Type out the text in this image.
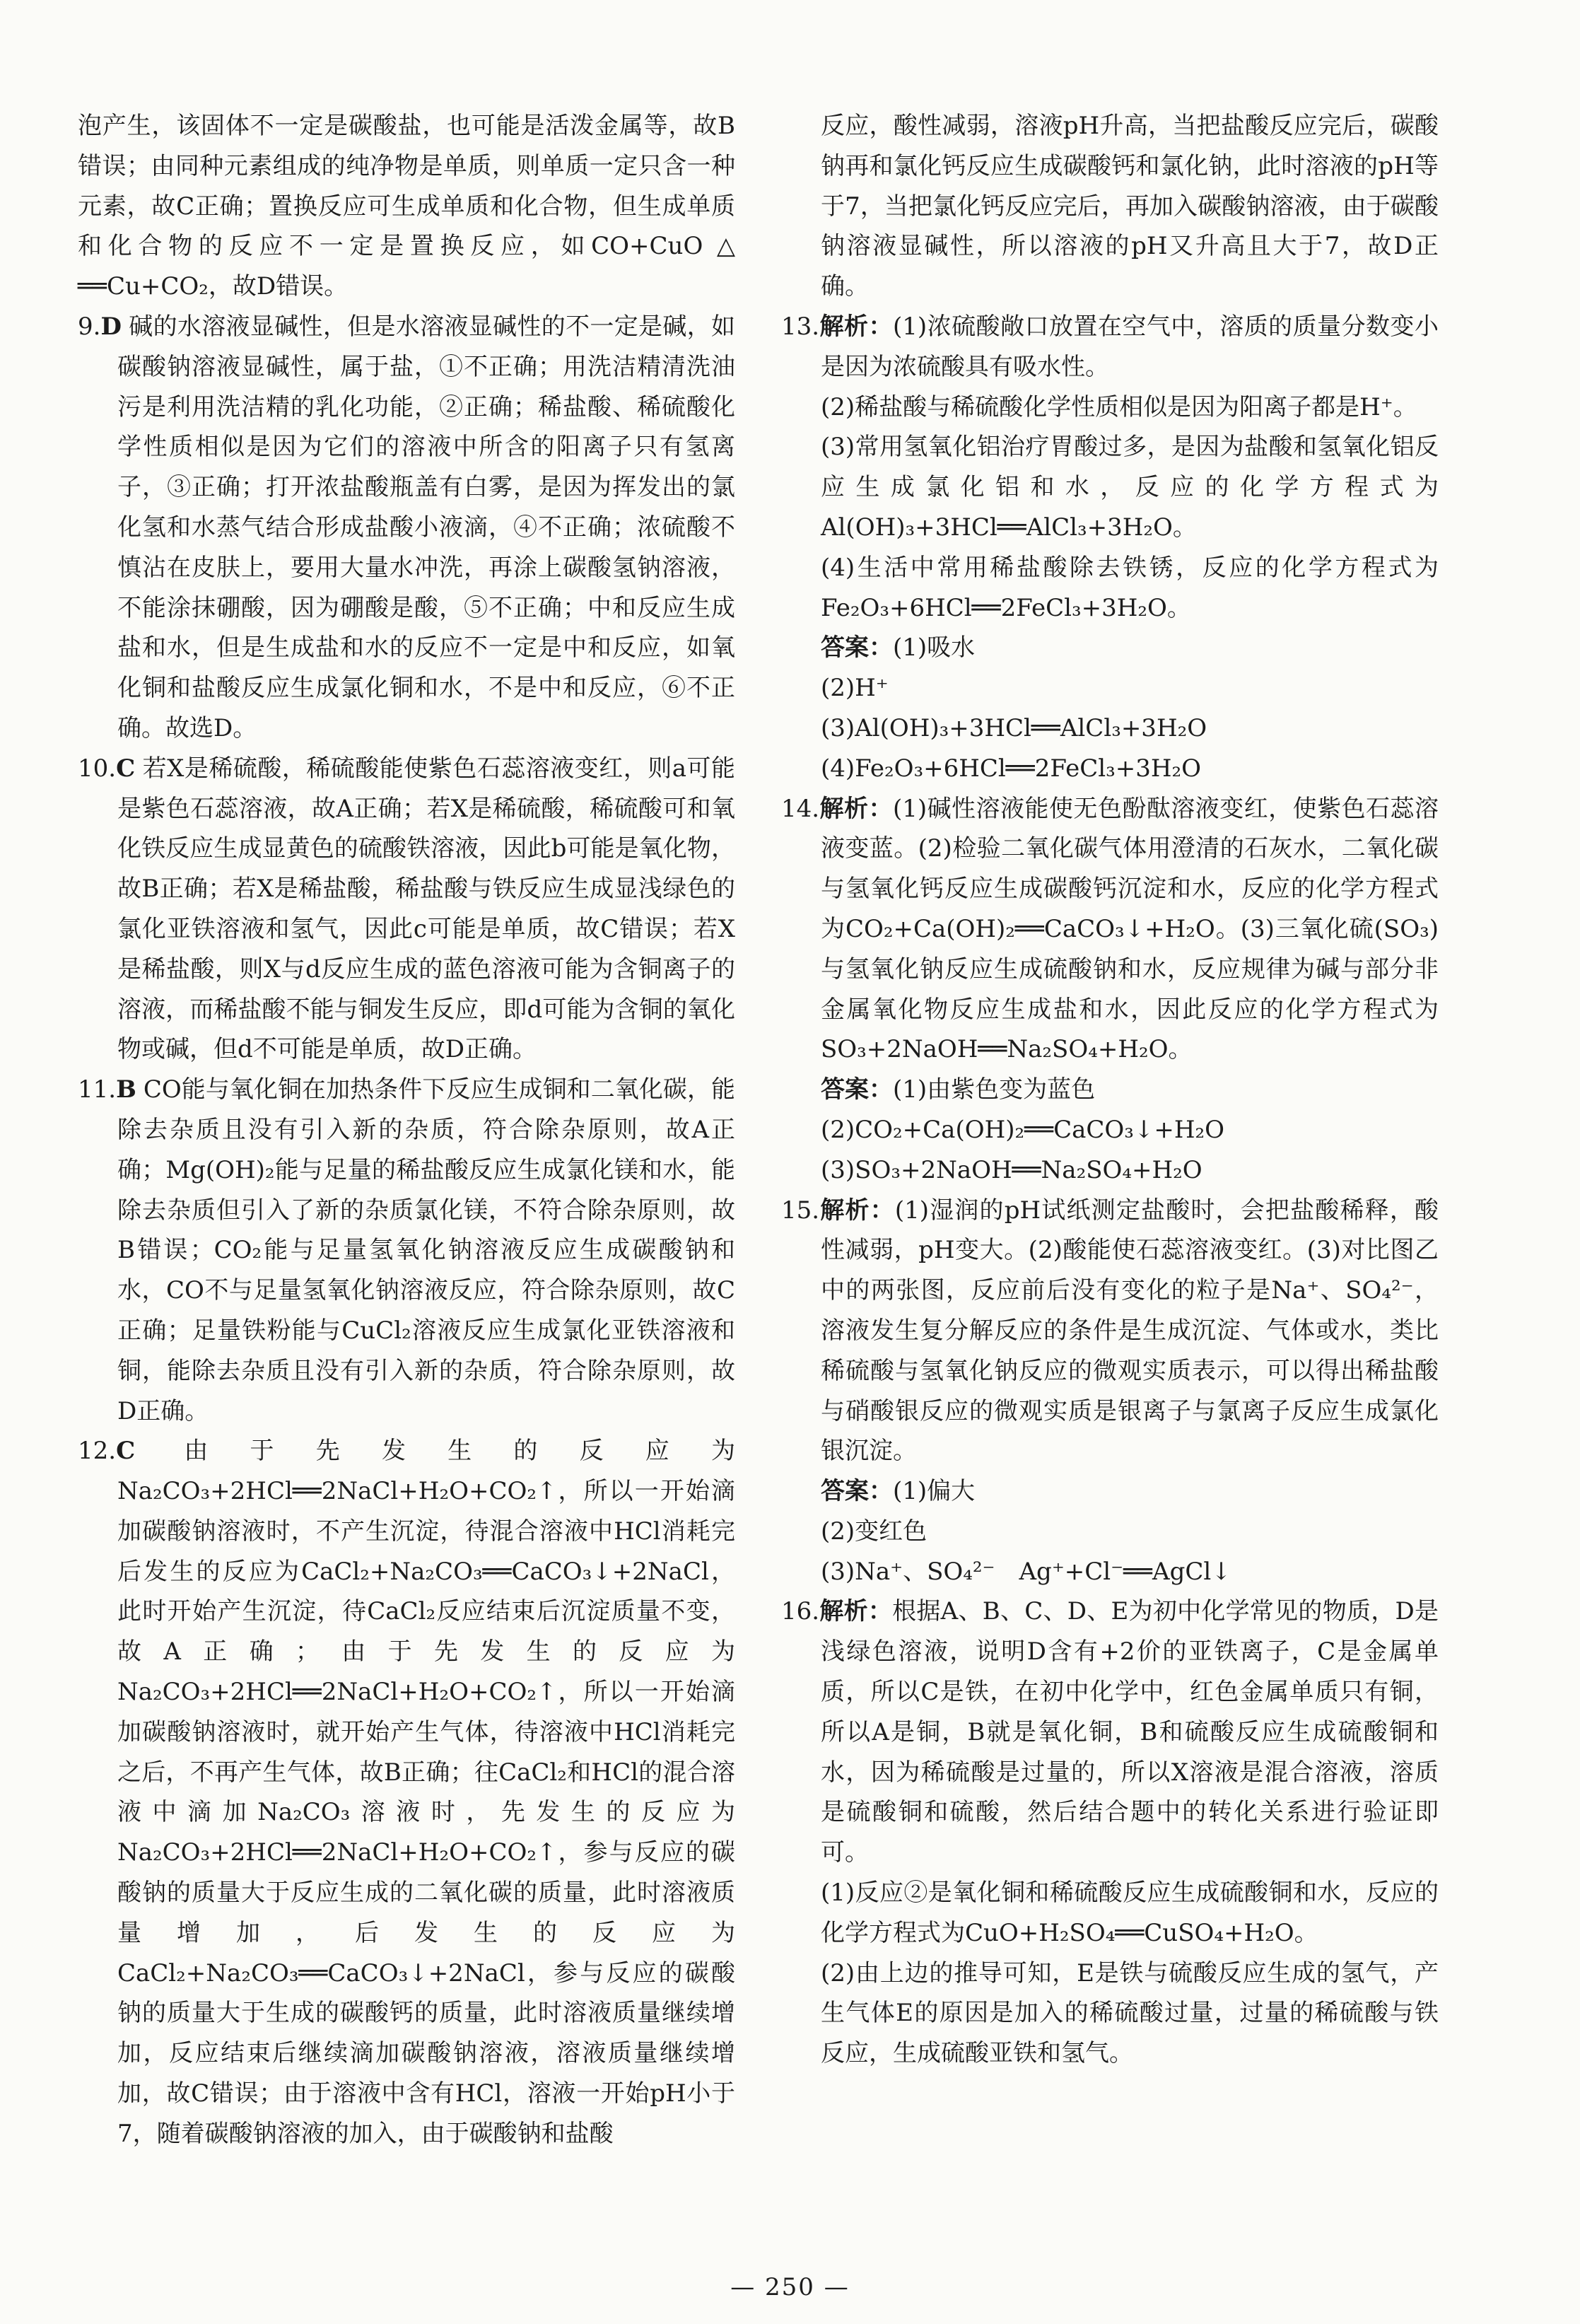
泡产生，该固体不一定是碳酸盐，也可能是活泼金属等，故B错误；由同种元素组成的纯净物是单质，则单质一定只含一种元素，故C正确；置换反应可生成单质和化合物，但生成单质和化合物的反应不一定是置换反应，如CO+CuO △ ══Cu+CO₂，故D错误。

9.D 碱的水溶液显碱性，但是水溶液显碱性的不一定是碱，如碳酸钠溶液显碱性，属于盐，①不正确；用洗洁精清洗油污是利用洗洁精的乳化功能，②正确；稀盐酸、稀硫酸化学性质相似是因为它们的溶液中所含的阳离子只有氢离子，③正确；打开浓盐酸瓶盖有白雾，是因为挥发出的氯化氢和水蒸气结合形成盐酸小液滴，④不正确；浓硫酸不慎沾在皮肤上，要用大量水冲洗，再涂上碳酸氢钠溶液，不能涂抹硼酸，因为硼酸是酸，⑤不正确；中和反应生成盐和水，但是生成盐和水的反应不一定是中和反应，如氧化铜和盐酸反应生成氯化铜和水，不是中和反应，⑥不正确。故选D。

10.C 若X是稀硫酸，稀硫酸能使紫色石蕊溶液变红，则a可能是紫色石蕊溶液，故A正确；若X是稀硫酸，稀硫酸可和氧化铁反应生成显黄色的硫酸铁溶液，因此b可能是氧化物，故B正确；若X是稀盐酸，稀盐酸与铁反应生成显浅绿色的氯化亚铁溶液和氢气，因此c可能是单质，故C错误；若X是稀盐酸，则X与d反应生成的蓝色溶液可能为含铜离子的溶液，而稀盐酸不能与铜发生反应，即d可能为含铜的氧化物或碱，但d不可能是单质，故D正确。

11.B CO能与氧化铜在加热条件下反应生成铜和二氧化碳，能除去杂质且没有引入新的杂质，符合除杂原则，故A正确；Mg(OH)₂能与足量的稀盐酸反应生成氯化镁和水，能除去杂质但引入了新的杂质氯化镁，不符合除杂原则，故B错误；CO₂能与足量氢氧化钠溶液反应生成碳酸钠和水，CO不与足量氢氧化钠溶液反应，符合除杂原则，故C正确；足量铁粉能与CuCl₂溶液反应生成氯化亚铁溶液和铜，能除去杂质且没有引入新的杂质，符合除杂原则，故D正确。

12.C 由于先发生的反应为Na₂CO₃+2HCl══2NaCl+H₂O+CO₂↑，所以一开始滴加碳酸钠溶液时，不产生沉淀，待混合溶液中HCl消耗完后发生的反应为CaCl₂+Na₂CO₃══CaCO₃↓+2NaCl，此时开始产生沉淀，待CaCl₂反应结束后沉淀质量不变，故A正确；由于先发生的反应为Na₂CO₃+2HCl══2NaCl+H₂O+CO₂↑，所以一开始滴加碳酸钠溶液时，就开始产生气体，待溶液中HCl消耗完之后，不再产生气体，故B正确；往CaCl₂和HCl的混合溶液中滴加Na₂CO₃溶液时，先发生的反应为Na₂CO₃+2HCl══2NaCl+H₂O+CO₂↑，参与反应的碳酸钠的质量大于反应生成的二氧化碳的质量，此时溶液质量增加，后发生的反应为CaCl₂+Na₂CO₃══CaCO₃↓+2NaCl，参与反应的碳酸钠的质量大于生成的碳酸钙的质量，此时溶液质量继续增加，反应结束后继续滴加碳酸钠溶液，溶液质量继续增加，故C错误；由于溶液中含有HCl，溶液一开始pH小于7，随着碳酸钠溶液的加入，由于碳酸钠和盐酸

反应，酸性减弱，溶液pH升高，当把盐酸反应完后，碳酸钠再和氯化钙反应生成碳酸钙和氯化钠，此时溶液的pH等于7，当把氯化钙反应完后，再加入碳酸钠溶液，由于碳酸钠溶液显碱性，所以溶液的pH又升高且大于7，故D正确。

13.解析：(1)浓硫酸敞口放置在空气中，溶质的质量分数变小是因为浓硫酸具有吸水性。

(2)稀盐酸与稀硫酸化学性质相似是因为阳离子都是H⁺。

(3)常用氢氧化铝治疗胃酸过多，是因为盐酸和氢氧化铝反应生成氯化铝和水，反应的化学方程式为Al(OH)₃+3HCl══AlCl₃+3H₂O。

(4)生活中常用稀盐酸除去铁锈，反应的化学方程式为Fe₂O₃+6HCl══2FeCl₃+3H₂O。

答案：(1)吸水

(2)H⁺

(3)Al(OH)₃+3HCl══AlCl₃+3H₂O

(4)Fe₂O₃+6HCl══2FeCl₃+3H₂O

14.解析：(1)碱性溶液能使无色酚酞溶液变红，使紫色石蕊溶液变蓝。(2)检验二氧化碳气体用澄清的石灰水，二氧化碳与氢氧化钙反应生成碳酸钙沉淀和水，反应的化学方程式为CO₂+Ca(OH)₂══CaCO₃↓+H₂O。(3)三氧化硫(SO₃)与氢氧化钠反应生成硫酸钠和水，反应规律为碱与部分非金属氧化物反应生成盐和水，因此反应的化学方程式为SO₃+2NaOH══Na₂SO₄+H₂O。

答案：(1)由紫色变为蓝色

(2)CO₂+Ca(OH)₂══CaCO₃↓+H₂O

(3)SO₃+2NaOH══Na₂SO₄+H₂O

15.解析：(1)湿润的pH试纸测定盐酸时，会把盐酸稀释，酸性减弱，pH变大。(2)酸能使石蕊溶液变红。(3)对比图乙中的两张图，反应前后没有变化的粒子是Na⁺、SO₄²⁻，溶液发生复分解反应的条件是生成沉淀、气体或水，类比稀硫酸与氢氧化钠反应的微观实质表示，可以得出稀盐酸与硝酸银反应的微观实质是银离子与氯离子反应生成氯化银沉淀。

答案：(1)偏大

(2)变红色

(3)Na⁺、SO₄²⁻　Ag⁺+Cl⁻══AgCl↓

16.解析：根据A、B、C、D、E为初中化学常见的物质，D是浅绿色溶液，说明D含有+2价的亚铁离子，C是金属单质，所以C是铁，在初中化学中，红色金属单质只有铜，所以A是铜，B就是氧化铜，B和硫酸反应生成硫酸铜和水，因为稀硫酸是过量的，所以X溶液是混合溶液，溶质是硫酸铜和硫酸，然后结合题中的转化关系进行验证即可。

(1)反应②是氧化铜和稀硫酸反应生成硫酸铜和水，反应的化学方程式为CuO+H₂SO₄══CuSO₄+H₂O。

(2)由上边的推导可知，E是铁与硫酸反应生成的氢气，产生气体E的原因是加入的稀硫酸过量，过量的稀硫酸与铁反应，生成硫酸亚铁和氢气。

— 250 —
